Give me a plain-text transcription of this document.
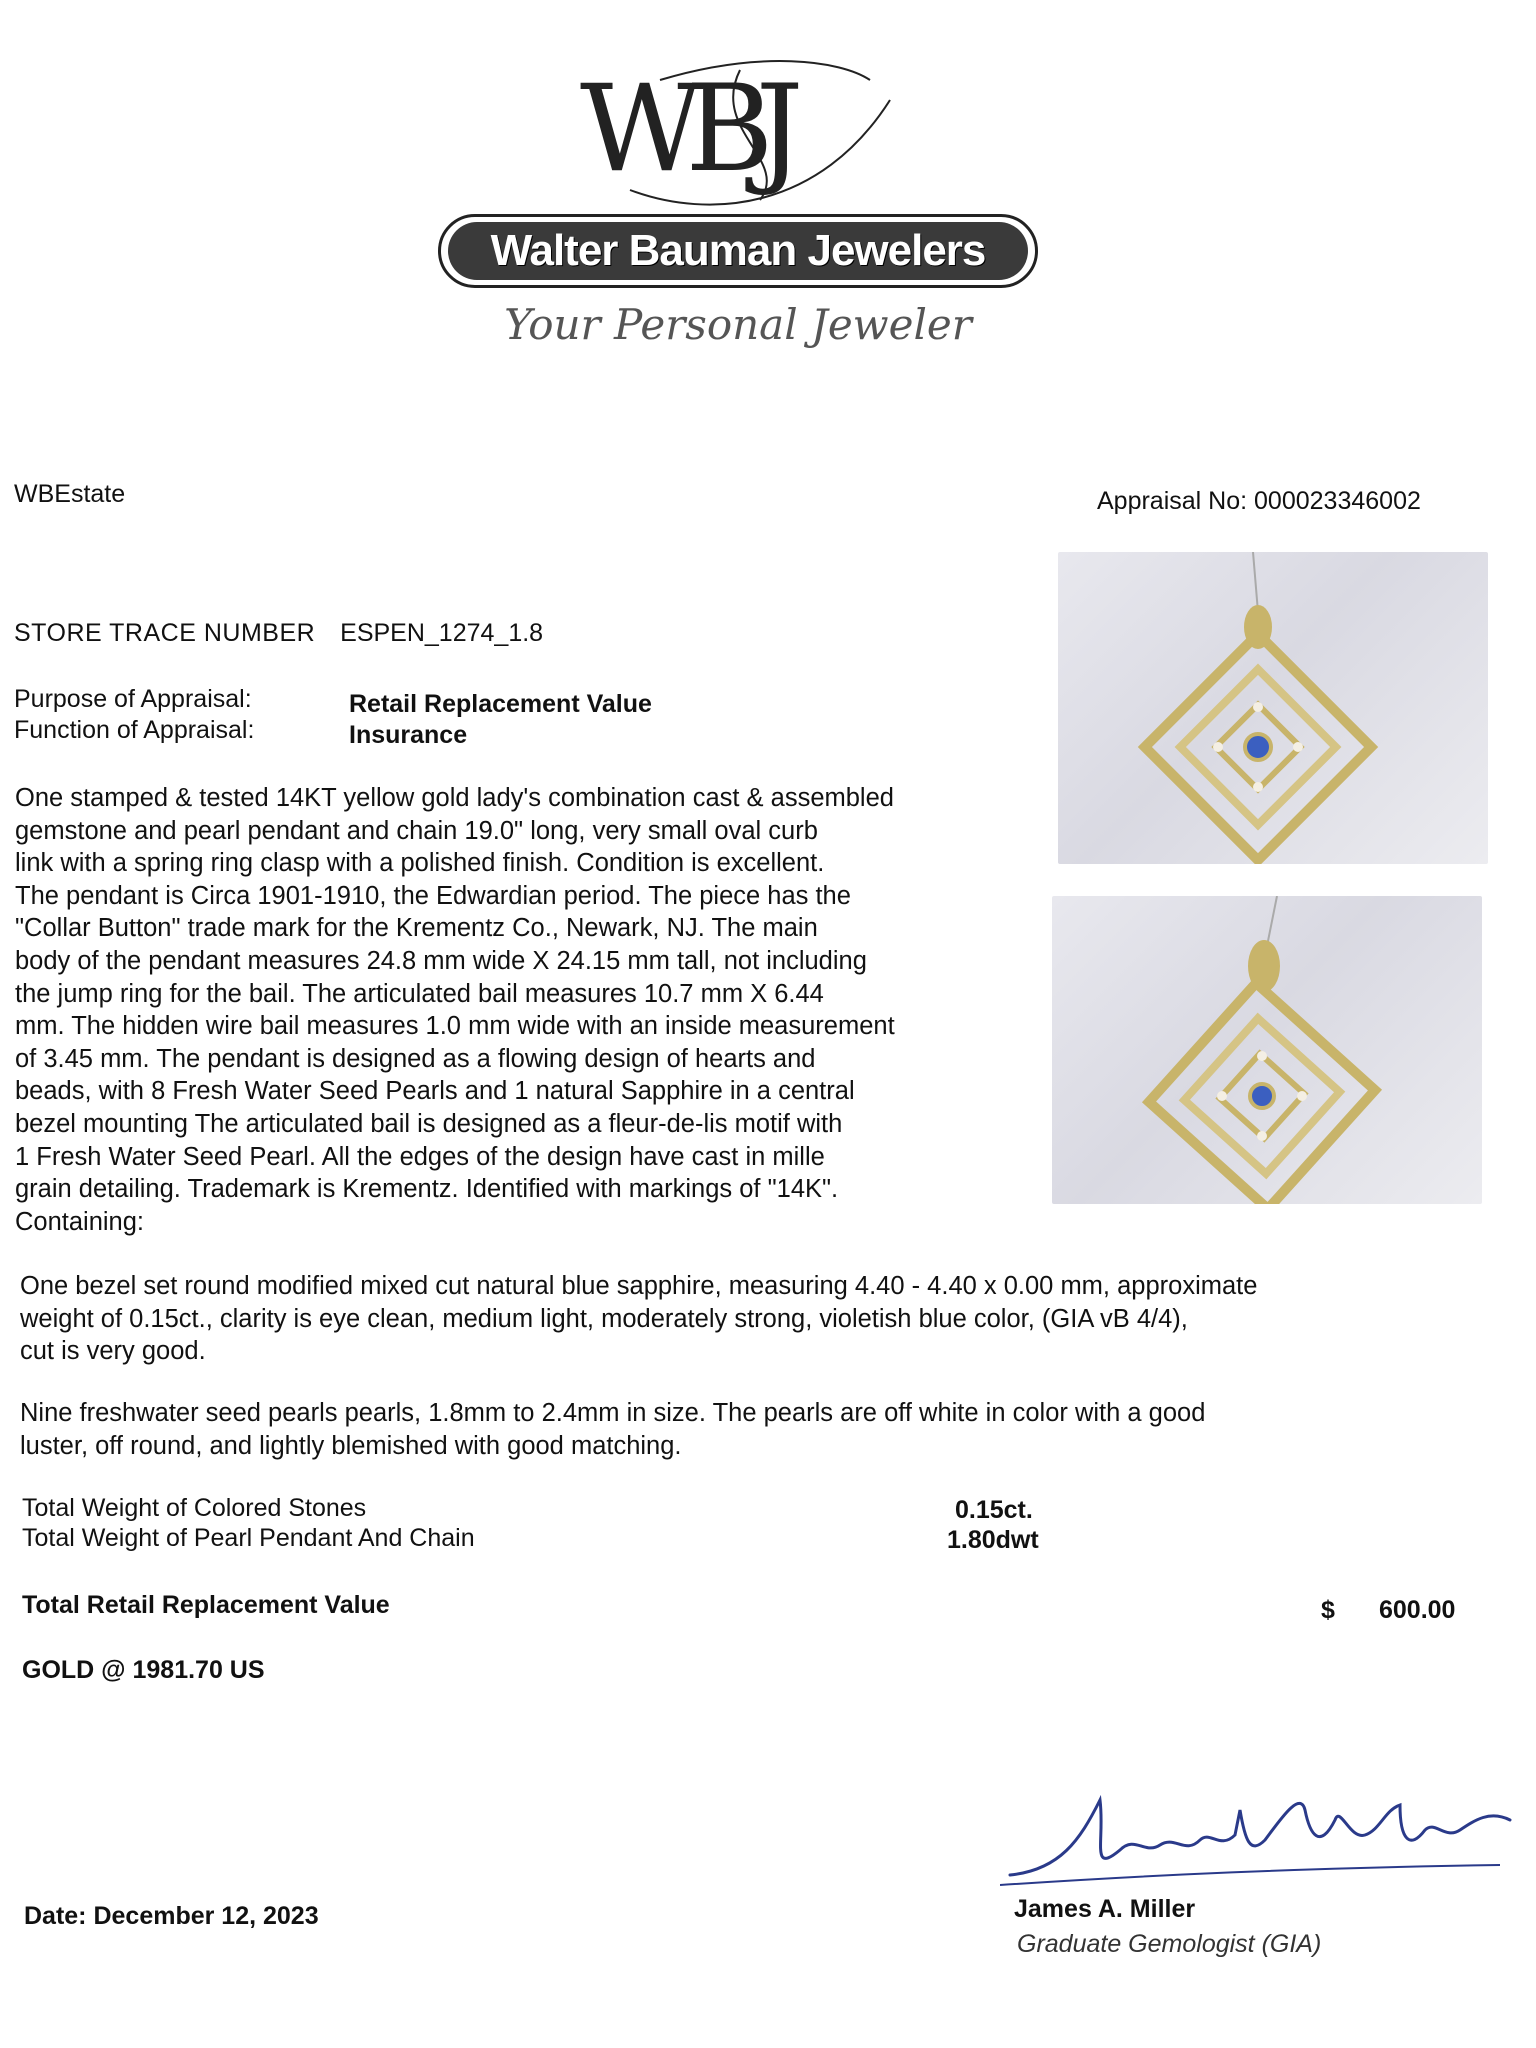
WBJ
Walter Bauman Jewelers
Your Personal Jeweler
WBEstate	Appraisal No: 000023346002
STORE TRACE NUMBER ESPEN_1274_1.8
Purpose of Appraisal:	Retail Replacement Value
Function of Appraisal:	Insurance
One stamped & tested 14KT yellow gold lady's combination cast & assembled
gemstone and pearl pendant and chain 19.0" long, very small oval curb
link with a spring ring clasp with a polished finish. Condition is excellent.
The pendant is Circa 1901-1910, the Edwardian period. The piece has the
"Collar Button" trade mark for the Krementz Co., Newark, NJ. The main
body of the pendant measures 24.8 mm wide X 24.15 mm tall, not including
the jump ring for the bail. The articulated bail measures 10.7 mm X 6.44
mm. The hidden wire bail measures 1.0 mm wide with an inside measurement
of 3.45 mm. The pendant is designed as a flowing design of hearts and
beads, with 8 Fresh Water Seed Pearls and 1 natural Sapphire in a central
bezel mounting The articulated bail is designed as a fleur-de-lis motif with
1 Fresh Water Seed Pearl. All the edges of the design have cast in mille
grain detailing. Trademark is Krementz. Identified with markings of "14K".
Containing:
One bezel set round modified mixed cut natural blue sapphire, measuring 4.40 - 4.40 x 0.00 mm, approximate
weight of 0.15ct., clarity is eye clean, medium light, moderately strong, violetish blue color, (GIA vB 4/4),
cut is very good.
Nine freshwater seed pearls pearls, 1.8mm to 2.4mm in size. The pearls are off white in color with a good
luster, off round, and lightly blemished with good matching.
Total Weight of Colored Stones	0.15ct.
Total Weight of Pearl Pendant And Chain	1.80dwt
Total Retail Replacement Value	$ 600.00
GOLD @ 1981.70 US
Date: December 12, 2023	James A. Miller
Graduate Gemologist (GIA)
